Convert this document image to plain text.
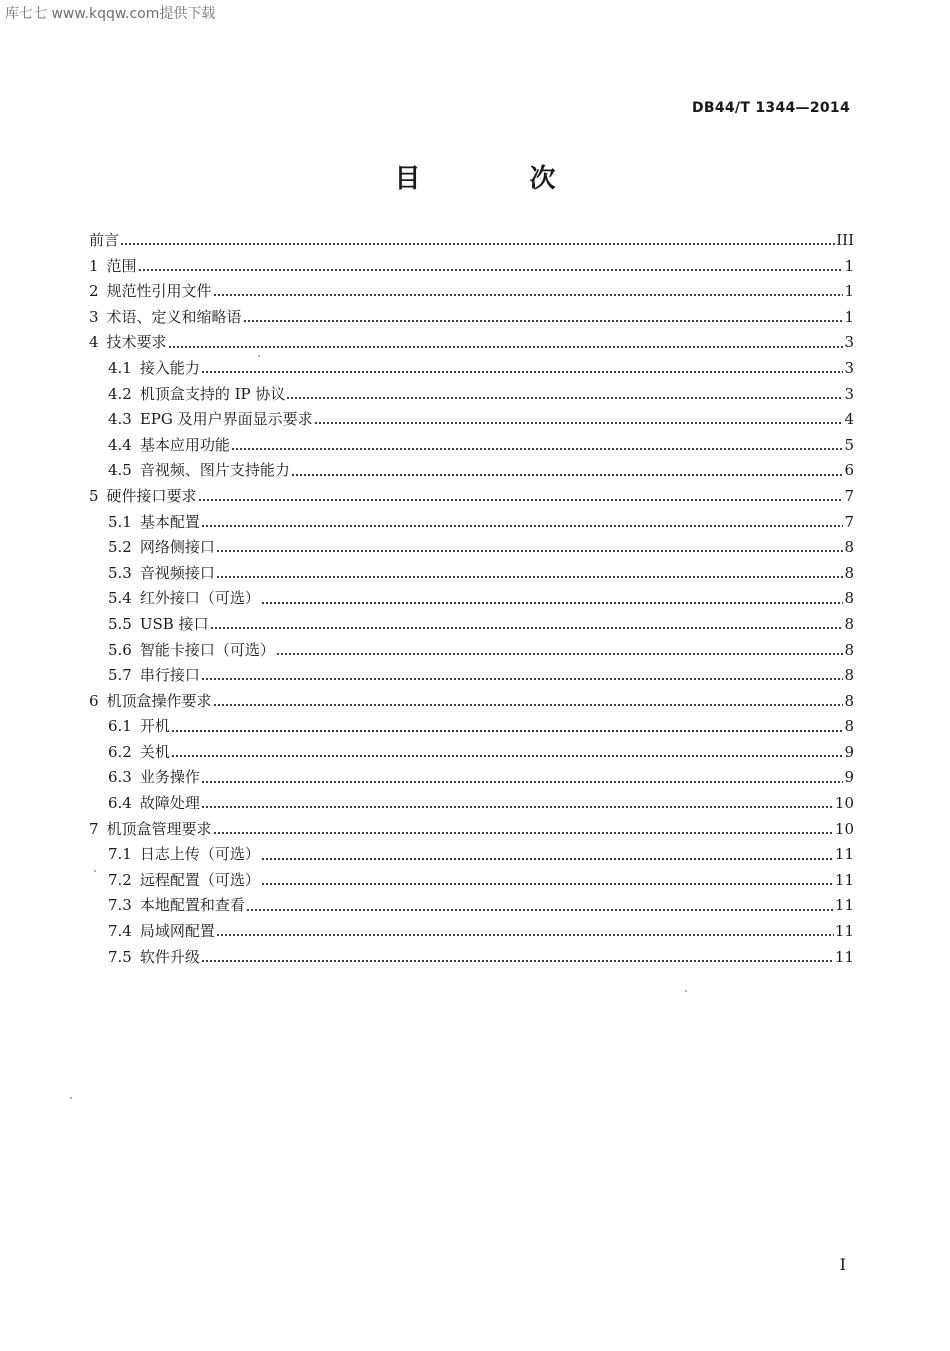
库七七 www.kqqw.com提供下载
DB44/T 1344—2014
目 次
前言	III
1 范围	1
2 规范性引用文件	1
3 术语、定义和缩略语	1
4 技术要求	3
4.1 接入能力	3
4.2 机顶盒支持的 IP 协议	3
4.3 EPG 及用户界面显示要求	4
4.4 基本应用功能	5
4.5 音视频、图片支持能力	6
5 硬件接口要求	7
5.1 基本配置	7
5.2 网络侧接口	8
5.3 音视频接口	8
5.4 红外接口（可选）	8
5.5 USB 接口	8
5.6 智能卡接口（可选）	8
5.7 串行接口	8
6 机顶盒操作要求	8
6.1 开机	8
6.2 关机	9
6.3 业务操作	9
6.4 故障处理	10
7 机顶盒管理要求	10
7.1 日志上传（可选）	11
7.2 远程配置（可选）	11
7.3 本地配置和查看	11
7.4 局域网配置	11
7.5 软件升级	11
I
